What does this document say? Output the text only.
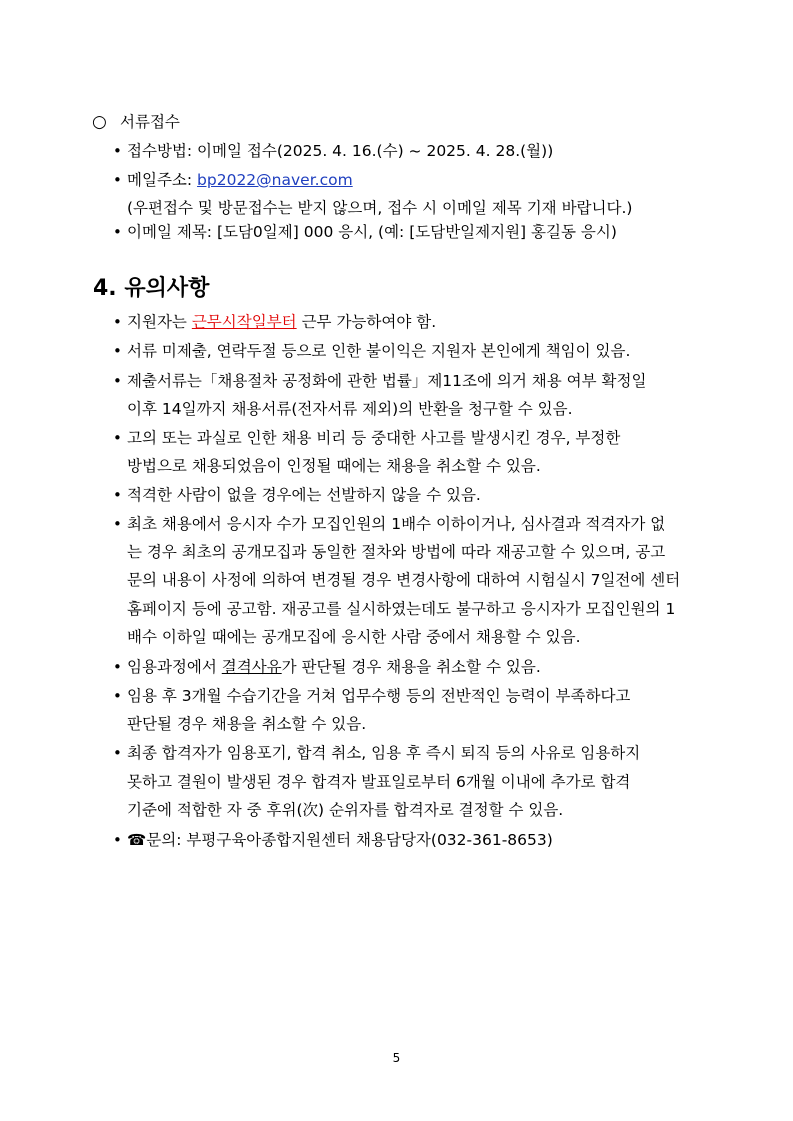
○ 서류접수
• 접수방법: 이메일 접수(2025. 4. 16.(수) ~ 2025. 4. 28.(월))
• 메일주소: bp2022@naver.com
(우편접수 및 방문접수는 받지 않으며, 접수 시 이메일 제목 기재 바랍니다.)
• 이메일 제목: [도담0일제] 000 응시, (예: [도담반일제지원] 홍길동 응시)
4. 유의사항
• 지원자는 근무시작일부터 근무 가능하여야 함.
• 서류 미제출, 연락두절 등으로 인한 불이익은 지원자 본인에게 책임이 있음.
• 제출서류는「채용절차 공정화에 관한 법률」제11조에 의거 채용 여부 확정일
이후 14일까지 채용서류(전자서류 제외)의 반환을 청구할 수 있음.
• 고의 또는 과실로 인한 채용 비리 등 중대한 사고를 발생시킨 경우, 부정한
방법으로 채용되었음이 인정될 때에는 채용을 취소할 수 있음.
• 적격한 사람이 없을 경우에는 선발하지 않을 수 있음.
• 최초 채용에서 응시자 수가 모집인원의 1배수 이하이거나, 심사결과 적격자가 없
는 경우 최초의 공개모집과 동일한 절차와 방법에 따라 재공고할 수 있으며, 공고
문의 내용이 사정에 의하여 변경될 경우 변경사항에 대하여 시험실시 7일전에 센터
홈페이지 등에 공고함. 재공고를 실시하였는데도 불구하고 응시자가 모집인원의 1
배수 이하일 때에는 공개모집에 응시한 사람 중에서 채용할 수 있음.
• 임용과정에서 결격사유가 판단될 경우 채용을 취소할 수 있음.
• 임용 후 3개월 수습기간을 거쳐 업무수행 등의 전반적인 능력이 부족하다고
판단될 경우 채용을 취소할 수 있음.
• 최종 합격자가 임용포기, 합격 취소, 임용 후 즉시 퇴직 등의 사유로 임용하지
못하고 결원이 발생된 경우 합격자 발표일로부터 6개월 이내에 추가로 합격
기준에 적합한 자 중 후위(次) 순위자를 합격자로 결정할 수 있음.
• ☎문의: 부평구육아종합지원센터 채용담당자(032-361-8653)
5
